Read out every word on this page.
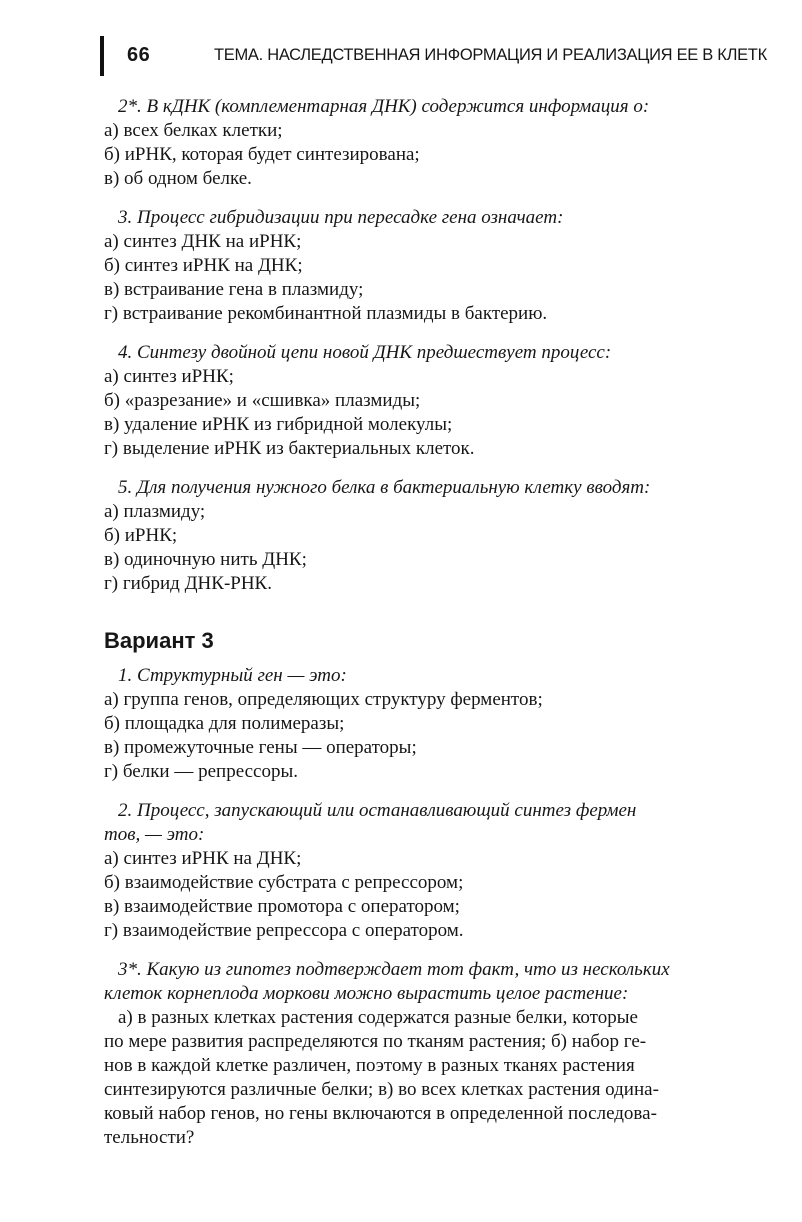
66	ТЕМА. НАСЛЕДСТВЕННАЯ ИНФОРМАЦИЯ И РЕАЛИЗАЦИЯ ЕЕ В КЛЕТК
2*. В кДНК (комплементарная ДНК) содержится информация о:
а) всех белках клетки;
б) иРНК, которая будет синтезирована;
в) об одном белке.
3. Процесс гибридизации при пересадке гена означает:
а) синтез ДНК на иРНК;
б) синтез иРНК на ДНК;
в) встраивание гена в плазмиду;
г) встраивание рекомбинантной плазмиды в бактерию.
4. Синтезу двойной цепи новой ДНК предшествует процесс:
а) синтез иРНК;
б) «разрезание» и «сшивка» плазмиды;
в) удаление иРНК из гибридной молекулы;
г) выделение иРНК из бактериальных клеток.
5. Для получения нужного белка в бактериальную клетку вводят:
а) плазмиду;
б) иРНК;
в) одиночную нить ДНК;
г) гибрид ДНК-РНК.
Вариант 3
1. Структурный ген — это:
а) группа генов, определяющих структуру ферментов;
б) площадка для полимеразы;
в) промежуточные гены — операторы;
г) белки — репрессоры.
2. Процесс, запускающий или останавливающий синтез фермен
тов, — это:
а) синтез иРНК на ДНК;
б) взаимодействие субстрата с репрессором;
в) взаимодействие промотора с оператором;
г) взаимодействие репрессора с оператором.
3*. Какую из гипотез подтверждает тот факт, что из нескольких
клеток корнеплода моркови можно вырастить целое растение:
а) в разных клетках растения содержатся разные белки, которые
по мере развития распределяются по тканям растения; б) набор ге-
нов в каждой клетке различен, поэтому в разных тканях растения
синтезируются различные белки; в) во всех клетках растения одина-
ковый набор генов, но гены включаются в определенной последова-
тельности?
